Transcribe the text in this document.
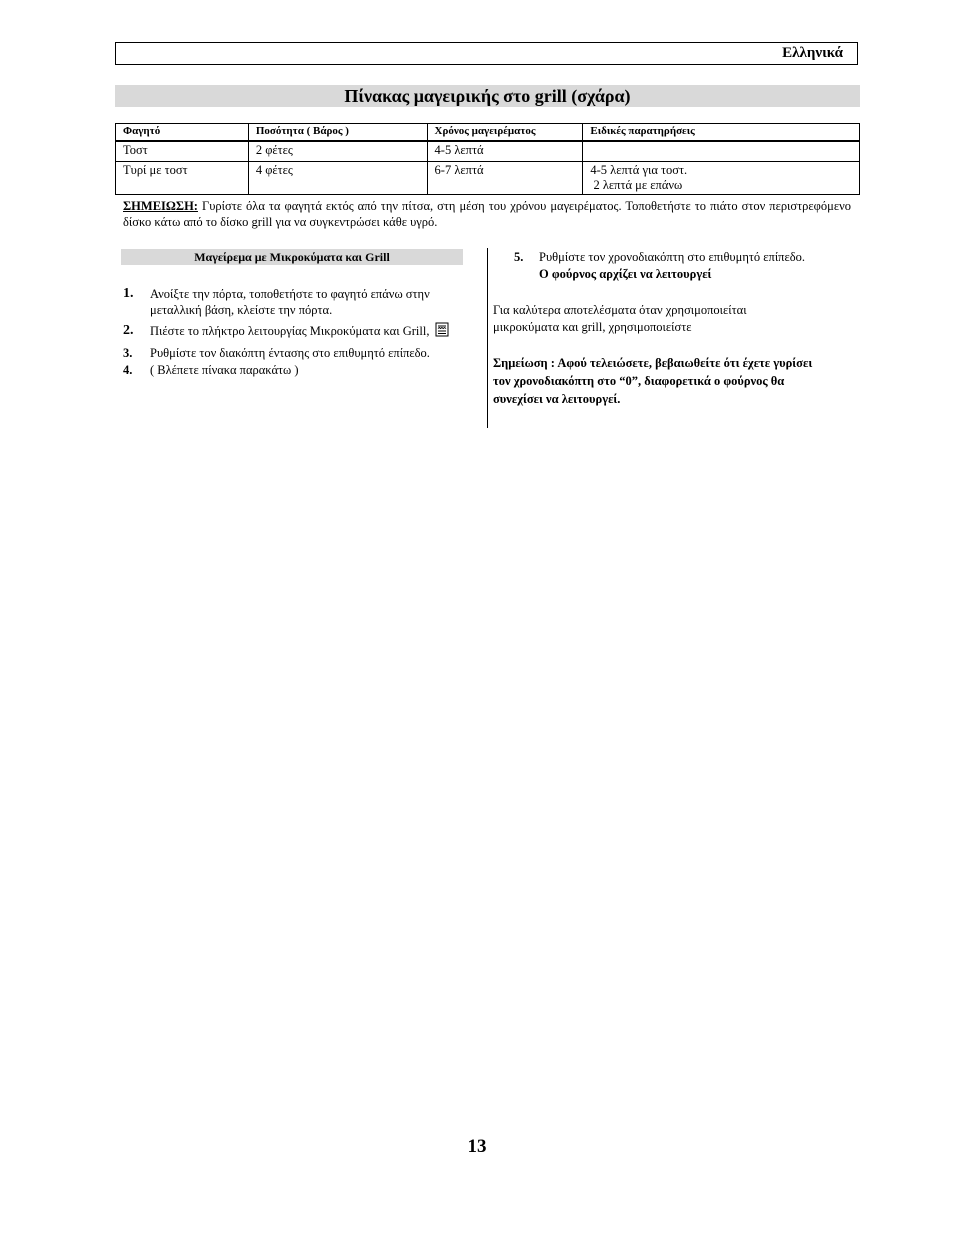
Ελληνικά
Πίνακας μαγειρικής στο grill (σχάρα)
Φαγητό	Ποσότητα ( Βάρος )	Χρόνος μαγειρέματος	Ειδικές παρατηρήσεις
Τοστ	2 φέτες	4-5 λεπτά	
Τυρί με τοστ	4 φέτες	6-7 λεπτά	4-5 λεπτά για τοστ.
2 λεπτά με επάνω
ΣΗΜΕΙΩΣΗ: Γυρίστε όλα τα φαγητά εκτός από την πίτσα, στη μέση του χρόνου μαγειρέματος. Τοποθετήστε το πιάτο στον περιστρεφόμενο δίσκο κάτω από το δίσκο grill για να συγκεντρώσει κάθε υγρό.
Μαγείρεμα με Μικροκύματα και Grill
1. Ανοίξτε την πόρτα, τοποθετήστε το φαγητό επάνω στην μεταλλική βάση, κλείστε την πόρτα.
2. Πιέστε το πλήκτρο λειτουργίας Μικροκύματα και Grill,
3. Ρυθμίστε τον διακόπτη έντασης στο επιθυμητό επίπεδο.
4. ( Βλέπετε πίνακα παρακάτω )
5. Ρυθμίστε τον χρονοδιακόπτη στο επιθυμητό επίπεδο.
Ο φούρνος αρχίζει να λειτουργεί
Για καλύτερα αποτελέσματα όταν χρησιμοποιείται μικροκύματα και grill, χρησιμοποιείστε
Σημείωση : Αφού τελειώσετε, βεβαιωθείτε ότι έχετε γυρίσει τον χρονοδιακόπτη στο “0”, διαφορετικά ο φούρνος θα συνεχίσει να λειτουργεί.
13
